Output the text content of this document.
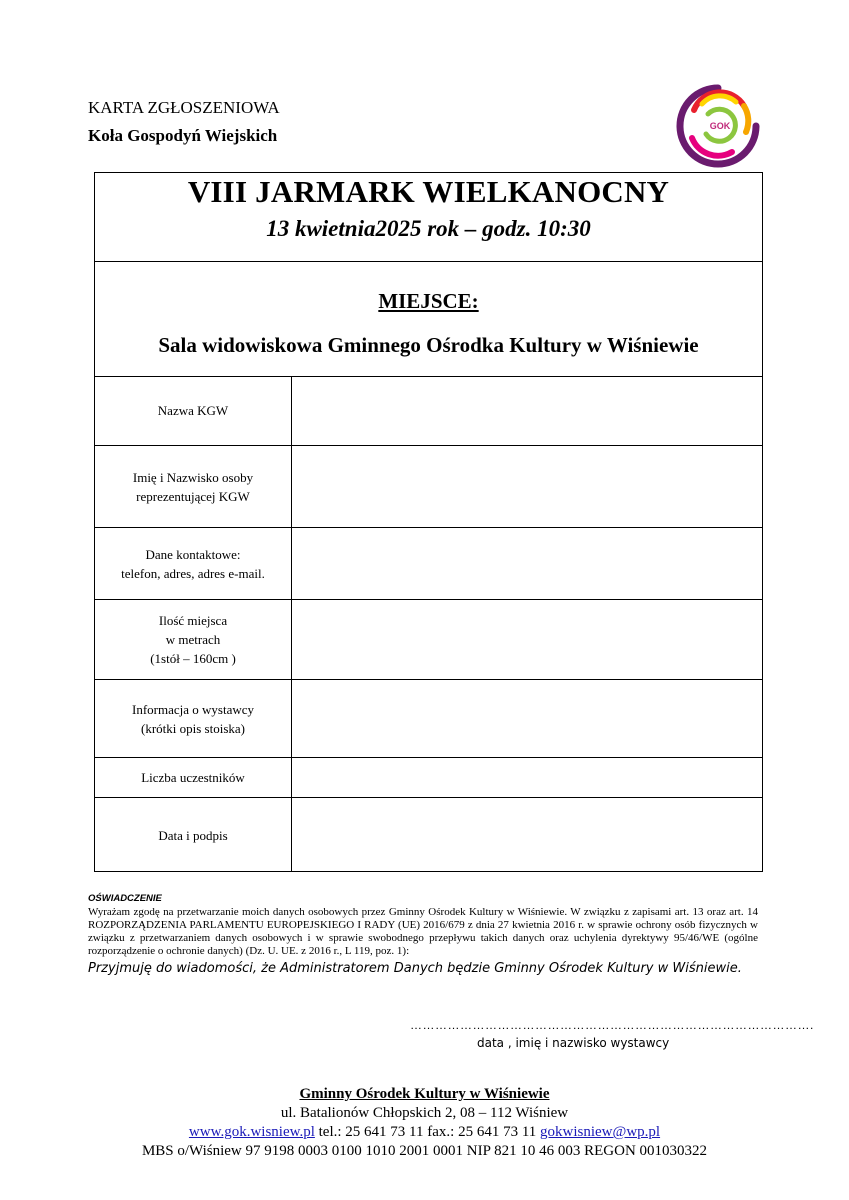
KARTA ZGŁOSZENIOWA
Koła Gospodyń Wiejskich	GOK
VIII JARMARK WIELKANOCNY
13 kwietnia2025 rok – godz. 10:30
MIEJSCE:
Sala widowiskowa Gminnego Ośrodka Kultury w Wiśniewie
Nazwa KGW
Imię i Nazwisko osoby
reprezentującej KGW
Dane kontaktowe:
telefon, adres, adres e-mail.
Ilość miejsca
w metrach
(1stół – 160cm )
Informacja o wystawcy
(krótki opis stoiska)
Liczba uczestników
Data i podpis
OŚWIADCZENIE
Wyrażam zgodę na przetwarzanie moich danych osobowych przez Gminny Ośrodek Kultury w Wiśniewie. W związku z zapisami art. 13 oraz art. 14 ROZPORZĄDZENIA PARLAMENTU EUROPEJSKIEGO I RADY (UE) 2016/679 z dnia 27 kwietnia 2016 r. w sprawie ochrony osób fizycznych w związku z przetwarzaniem danych osobowych i w sprawie swobodnego przepływu takich danych oraz uchylenia dyrektywy 95/46/WE (ogólne rozporządzenie o ochronie danych) (Dz. U. UE. z 2016 r., L 119, poz. 1):
Przyjmuję do wiadomości, że Administratorem Danych będzie Gminny Ośrodek Kultury w Wiśniewie.
…………………………………………………………………………………….
data , imię i nazwisko wystawcy
Gminny Ośrodek Kultury w Wiśniewie
ul. Batalionów Chłopskich 2, 08 – 112 Wiśniew
www.gok.wisniew.pl tel.: 25 641 73 11 fax.: 25 641 73 11 gokwisniew@wp.pl
MBS o/Wiśniew 97 9198 0003 0100 1010 2001 0001 NIP 821 10 46 003 REGON 001030322
